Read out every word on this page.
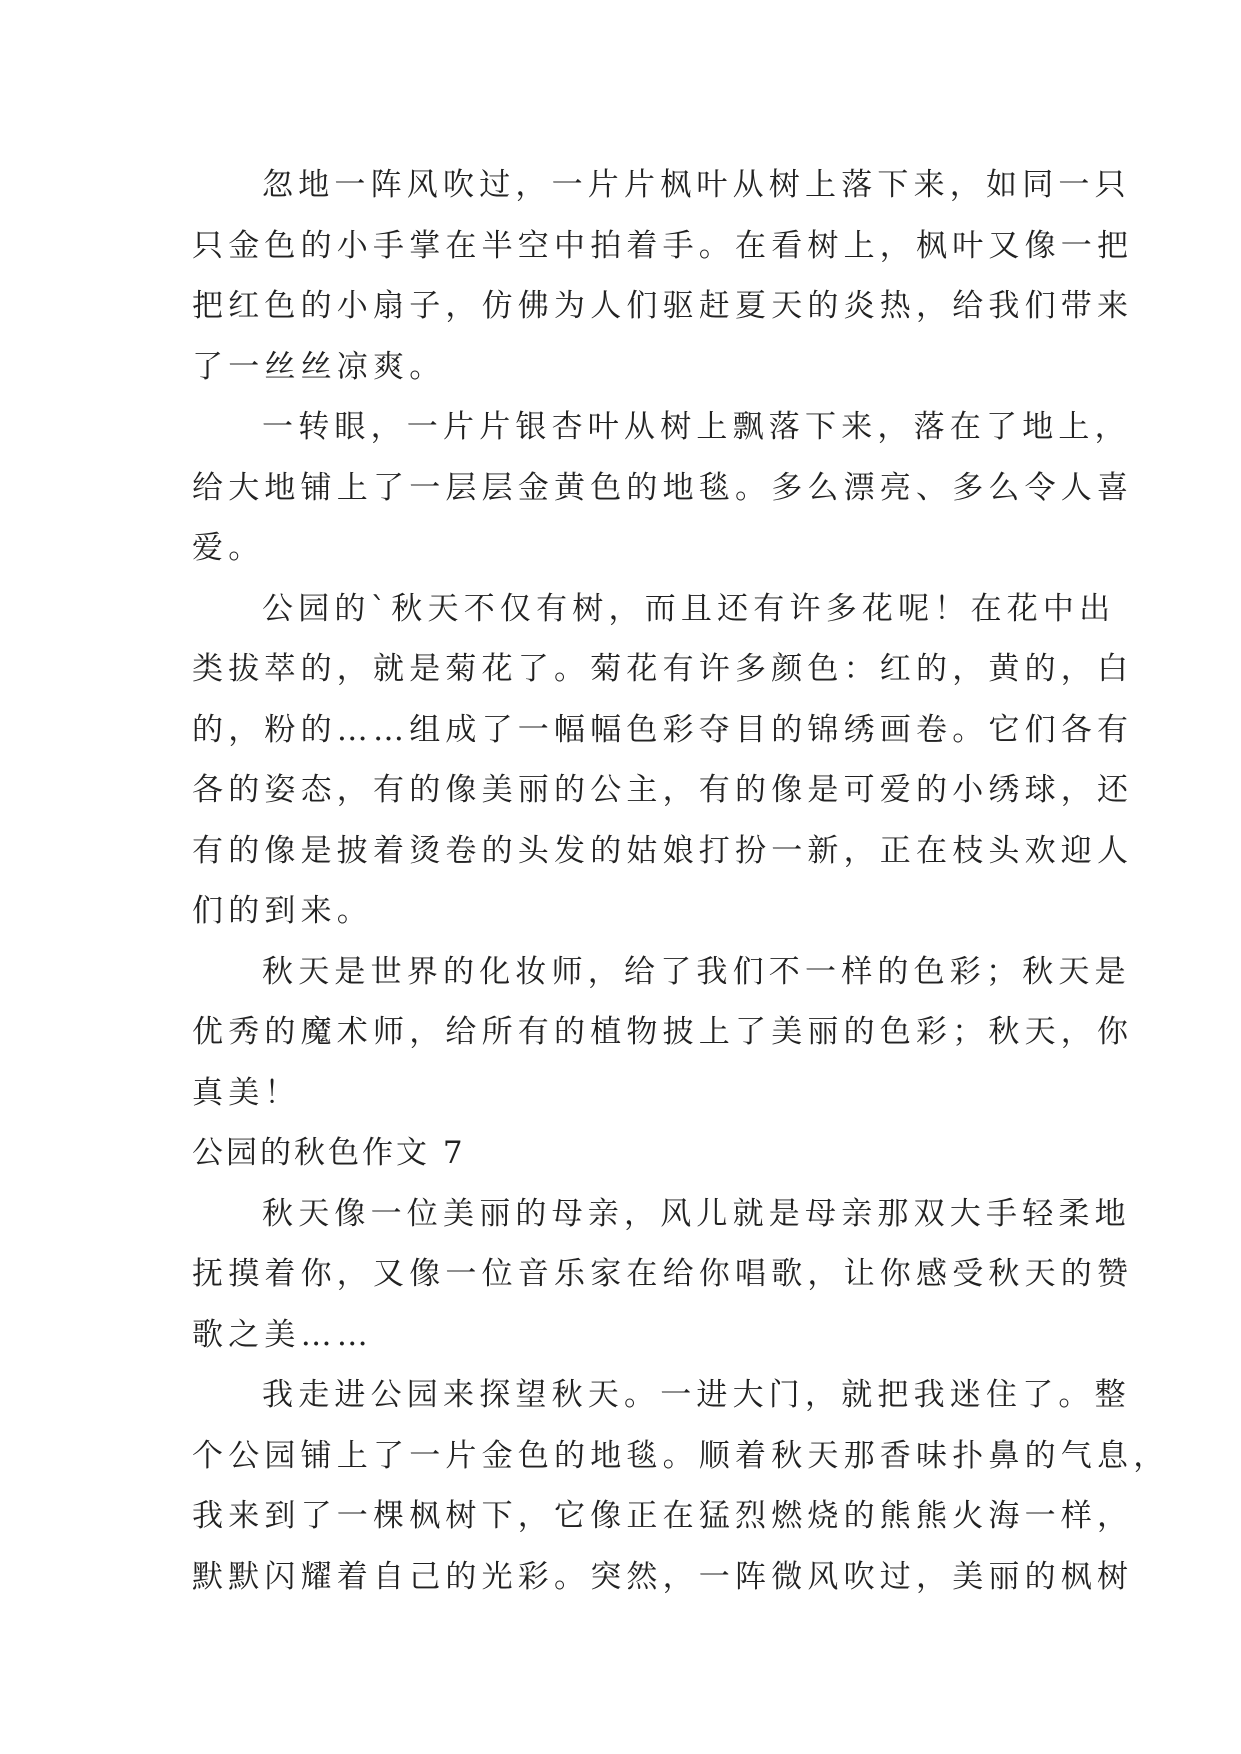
忽地一阵风吹过，一片片枫叶从树上落下来，如同一只
只金色的小手掌在半空中拍着手。在看树上，枫叶又像一把
把红色的小扇子，仿佛为人们驱赶夏天的炎热，给我们带来
了一丝丝凉爽。
一转眼，一片片银杏叶从树上飘落下来，落在了地上，
给大地铺上了一层层金黄色的地毯。多么漂亮、多么令人喜
爱。
公园的`秋天不仅有树，而且还有许多花呢！在花中出
类拔萃的，就是菊花了。菊花有许多颜色：红的，黄的，白
的，粉的……组成了一幅幅色彩夺目的锦绣画卷。它们各有
各的姿态，有的像美丽的公主，有的像是可爱的小绣球，还
有的像是披着烫卷的头发的姑娘打扮一新，正在枝头欢迎人
们的到来。
秋天是世界的化妆师，给了我们不一样的色彩；秋天是
优秀的魔术师，给所有的植物披上了美丽的色彩；秋天，你
真美！
公园的秋色作文 7
秋天像一位美丽的母亲，风儿就是母亲那双大手轻柔地
抚摸着你，又像一位音乐家在给你唱歌，让你感受秋天的赞
歌之美……
我走进公园来探望秋天。一进大门，就把我迷住了。整
个公园铺上了一片金色的地毯。顺着秋天那香味扑鼻的气息，
我来到了一棵枫树下，它像正在猛烈燃烧的熊熊火海一样，
默默闪耀着自己的光彩。突然，一阵微风吹过，美丽的枫树
